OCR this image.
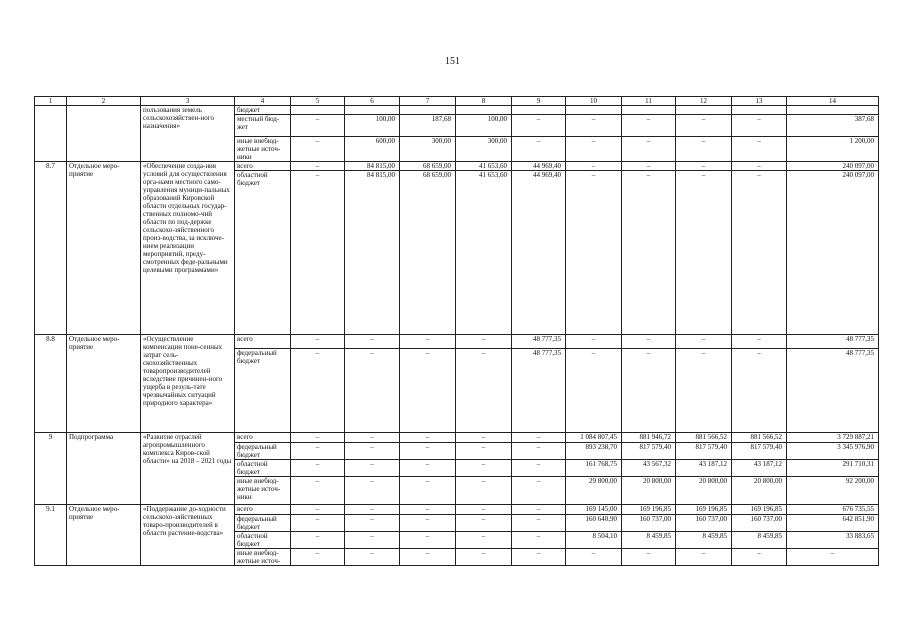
151
1	2	3	4	5	6	7	8	9	10	11	12	13	14
		пользования земель сельскохозяйствен-ного назначения»	бюджет										
			местный бюд-жет	–	100,00	187,68	100,00	–	–	–	–	–	387,68
			иные внебюд-жетные источ-ники	–	600,00	300,00	300,00	–	–	–	–	–	1 200,00
8.7	Отдельное меро-приятие	«Обеспечение созда-ния условий для осуществления орга-нами местного само-управления муници-пальных образований Кировской области отдельных государ-ственных полномо-чий области по под-держке сельскохо-зяйственного произ-водства, за исключе-нием реализации мероприятий, преду-смотренных феде-ральными целевыми программами»	всего	–	84 815,00	68 659,00	41 653,60	44 969,40	–	–	–	–	240 097,00
			областной бюджет	–	84 815,00	68 659,00	41 653,60	44 969,40	–	–	–	–	240 097,00
8.8	Отдельное меро-приятие	«Осуществление компенсации поне-сенных затрат сель-скохозяйственных товаропроизводителей вследствие причинен-ного ущерба в резуль-тате чрезвычайных ситуаций природного характера»	всего	–	–	–	–	48 777,35	–	–	–	–	48 777,35
			федеральный бюджет	–	–	–	–	48 777,35	–	–	–	–	48 777,35
9	Подпрограмма	«Развитие отраслей агропромышленного комплекса Киров-ской области» на 2018 – 2021 годы	всего	–	–	–	–	–	1 084 807,45	881 946,72	881 566,52	881 566,52	3 729 887,21
			федеральный бюджет	–	–	–	–	–	893 238,70	817 579,40	817 579,40	817 579,40	3 345 976,90
			областной бюджет	–	–	–	–	–	161 768,75	43 567,32	43 187,12	43 187,12	291 710,31
			иные внебюд-жетные источ-ники	–	–	–	–	–	29 800,00	20 800,00	20 800,00	20 800,00	92 200,00
9.1	Отдельное меро-приятие	«Поддержание до-ходности сельскохо-зяйственных товаро-производителей в области растение-водства»	всего	–	–	–	–	–	169 145,00	169 196,85	169 196,85	169 196,85	676 735,55
			федеральный бюджет	–	–	–	–	–	160 640,90	160 737,00	160 737,00	160 737,00	642 851,90
			областной бюджет	–	–	–	–	–	8 504,10	8 459,85	8 459,85	8 459,85	33 883,65
			иные внебюд-жетные источ-	–	–	–	–	–	–	–	–	–	–
